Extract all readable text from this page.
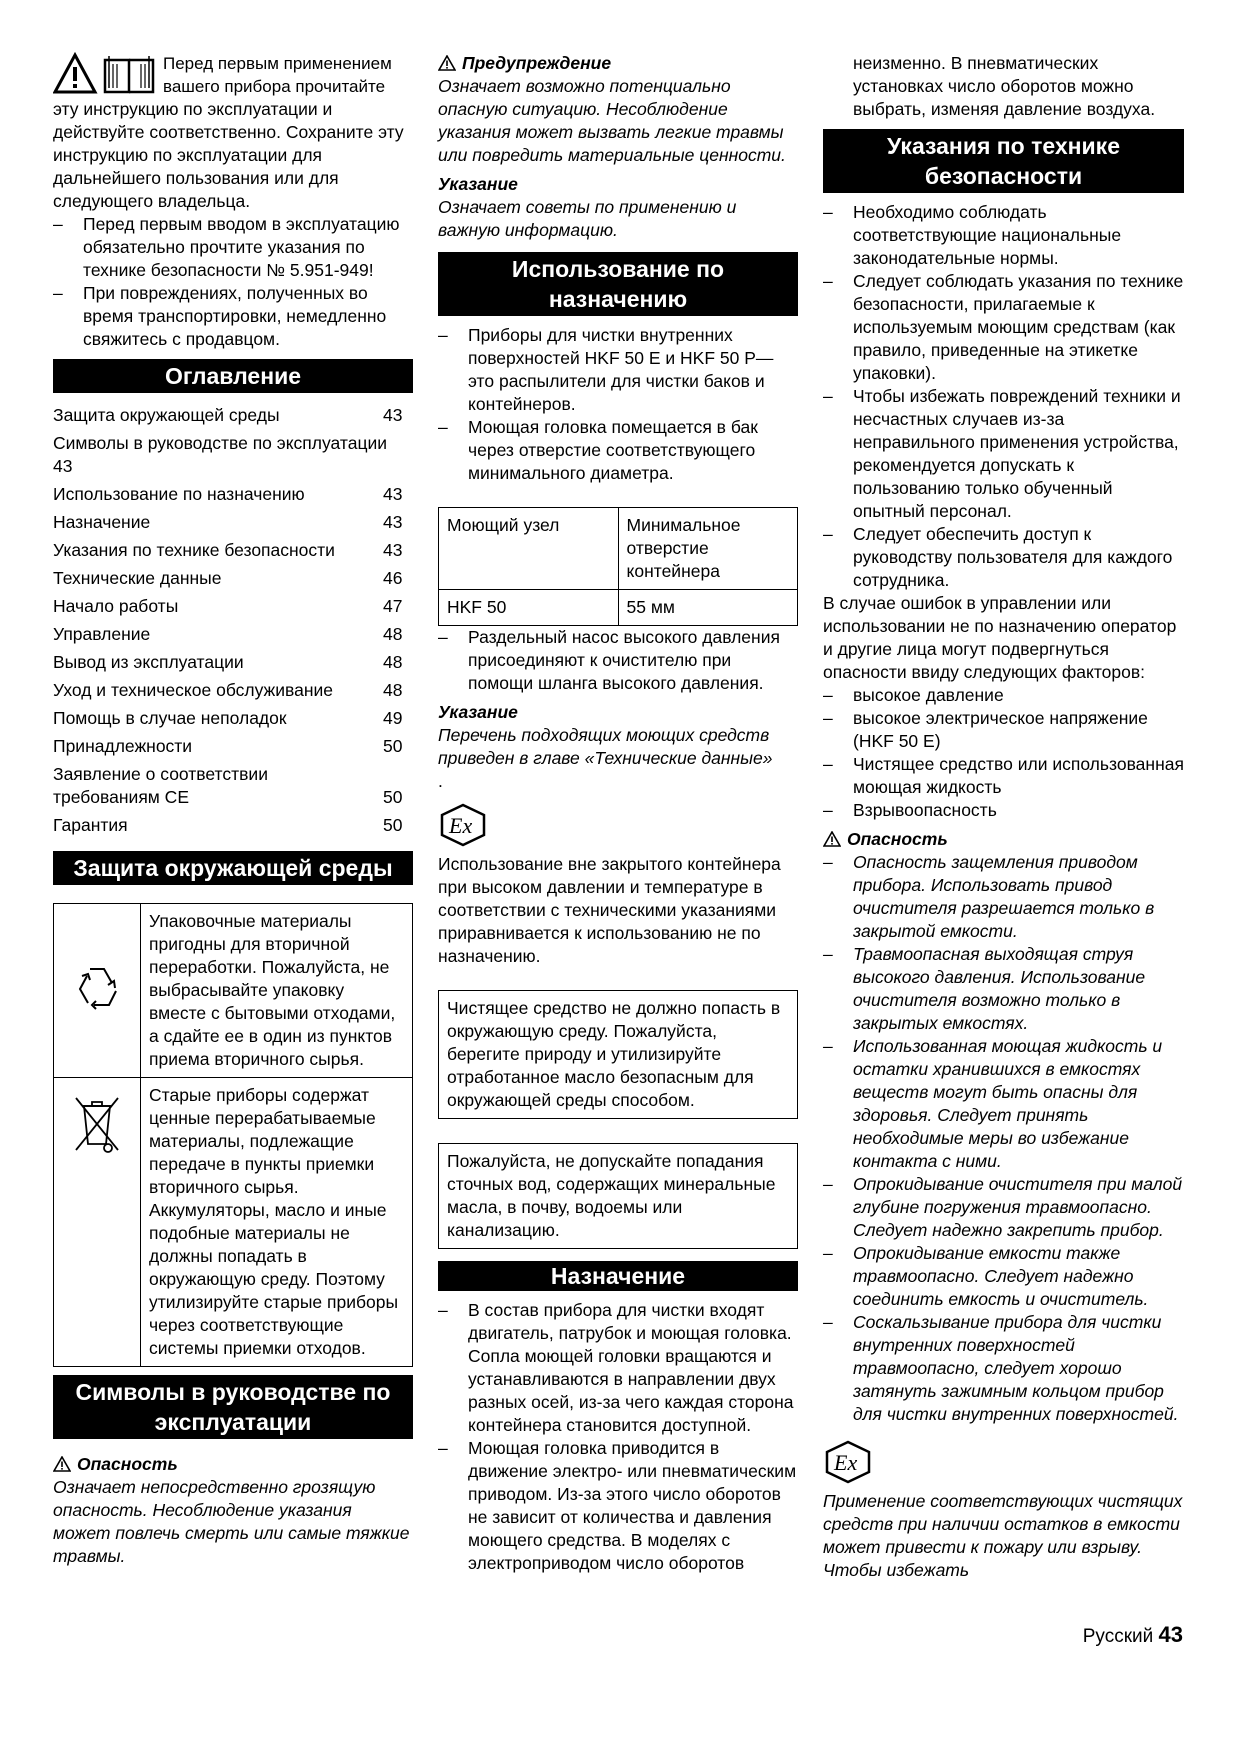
Перед первым применением вашего прибора прочитайте

эту инструкцию по эксплуатации и действуйте соответственно. Сохраните эту инструкцию по эксплуатации для дальнейшего пользования или для следующего владельца.

– Перед первым вводом в эксплуатацию обязательно прочтите указания по технике безопасности № 5.951-949!
– При повреждениях, полученных во время транспортировки, немедленно свяжитесь с продавцом.
Оглавление
Защита окружающей среды	43
Символы в руководстве по эксплуатации
43
Использование по назначению	43
Назначение	43
Указания по технике безопасности	43
Технические данные	46
Начало работы	47
Управление	48
Вывод из эксплуатации	48
Уход и техническое обслуживание	48
Помощь в случае неполадок	49
Принадлежности	50
Заявление о соответствии требованиям СЕ	50
Гарантия	50
Защита окружающей среды
	Упаковочные материалы пригодны для вторичной переработки. Пожалуйста, не выбрасывайте упаковку вместе с бытовыми отходами, а сдайте ее в один из пунктов приема вторичного сырья.
	Старые приборы содержат ценные перерабатываемые материалы, подлежащие передаче в пункты приемки вторичного сырья. Аккумуляторы, масло и иные подобные материалы не должны попадать в окружающую среду. Поэтому утилизируйте старые приборы через соответствующие системы приемки отходов.
Символы в руководстве по эксплуатации

Опасность

Означает непосредственно грозящую опасность. Несоблюдение указания может повлечь смерть или самые тяжкие травмы.

Предупреждение

Означает возможно потенциально опасную ситуацию. Несоблюдение указания может вызвать легкие травмы или повредить материальные ценности.

Указание

Означает советы по применению и важную информацию.

Использование по назначению
– Приборы для чистки внутренних поверхностей HKF 50 E и HKF 50 P— это распылители для чистки баков и контейнеров.
– Моющая головка помещается в бак через отверстие соответствующего минимального диаметра.
Моющий узел	Минимальное отверстие контейнера
HKF 50	55 мм
– Раздельный насос высокого давления присоединяют к очистителю при помощи шланга высокого давления.

Указание

Перечень подходящих моющих средств приведен в главе «Технические данные»

.

Ex

Использование вне закрытого контейнера при высоком давлении и температуре в соответствии с техническими указаниями приравнивается к использованию не по назначению.

Чистящее средство не должно попасть в окружающую среду. Пожалуйста, берегите природу и утилизируйте отработанное масло безопасным для окружающей среды способом.

Пожалуйста, не допускайте попадания сточных вод, содержащих минеральные масла, в почву, водоемы или канализацию.

Назначение
– В состав прибора для чистки входят двигатель, патрубок и моющая головка. Сопла моющей головки вращаются и устанавливаются в направлении двух разных осей, из-за чего каждая сторона контейнера становится доступной.
– Моющая головка приводится в движение электро- или пневматическим приводом. Из-за этого число оборотов не зависит от количества и давления моющего средства. В моделях с электроприводом число оборотов

неизменно. В пневматических установках число оборотов можно выбрать, изменяя давление воздуха.

Указания по технике безопасности
– Необходимо соблюдать соответствующие национальные законодательные нормы.
– Следует соблюдать указания по технике безопасности, прилагаемые к используемым моющим средствам (как правило, приведенные на этикетке упаковки).
– Чтобы избежать повреждений техники и несчастных случаев из-за неправильного применения устройства, рекомендуется допускать к пользованию только обученный опытный персонал.
– Следует обеспечить доступ к руководству пользователя для каждого сотрудника.

В случае ошибок в управлении или использовании не по назначению оператор и другие лица могут подвергнуться опасности ввиду следующих факторов:

– высокое давление
– высокое электрическое напряжение (HKF 50 E)
– Чистящее средство или использованная моющая жидкость
– Взрывоопасность

Опасность

– Опасность защемления приводом прибора. Использовать привод очистителя разрешается только в закрытой емкости.
– Травмоопасная выходящая струя высокого давления. Использование очистителя возможно только в закрытых емкостях.
– Использованная моющая жидкость и остатки хранившихся в емкостях веществ могут быть опасны для здоровья. Следует принять необходимые меры во избежание контакта с ними.
– Опрокидывание очистителя при малой глубине погружения травмоопасно. Следует надежно закрепить прибор.
– Опрокидывание емкости также травмоопасно. Следует надежно соединить емкость и очиститель.
– Соскальзывание прибора для чистки внутренних поверхностей травмоопасно, следует хорошо затянуть зажимным кольцом прибор для чистки внутренних поверхностей.
Ex

Применение соответствующих чистящих средств при наличии остатков в емкости может привести к пожару или взрыву. Чтобы избежать

Русский 43
